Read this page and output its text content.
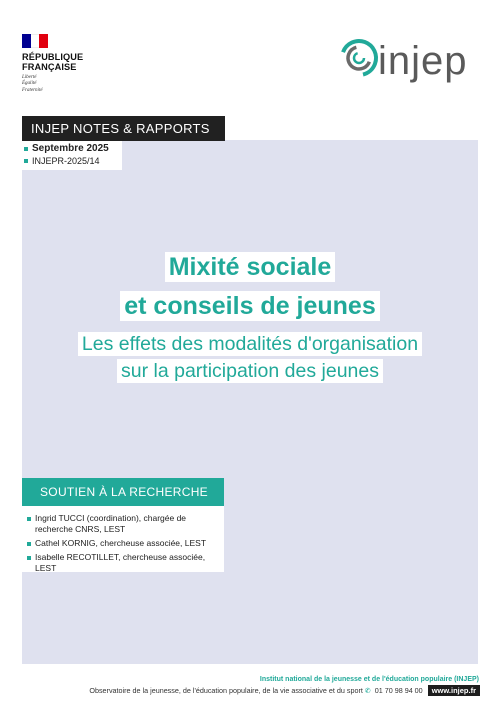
RÉPUBLIQUE
FRANÇAISE
Liberté
Égalité
Fraternité
injep
INJEP NOTES & RAPPORTS
Septembre 2025
INJEPR-2025/14
Mixité sociale
et conseils de jeunes
Les effets des modalités d'organisation
sur la participation des jeunes
SOUTIEN À LA RECHERCHE
Ingrid TUCCI (coordination), chargée de recherche CNRS, LEST
Cathel KORNIG, chercheuse associée, LEST
Isabelle RECOTILLET, chercheuse associée, LEST
Institut national de la jeunesse et de l'éducation populaire (INJEP)
Observatoire de la jeunesse, de l'éducation populaire, de la vie associative et du sport ✆ 01 70 98 94 00	www.injep.fr
